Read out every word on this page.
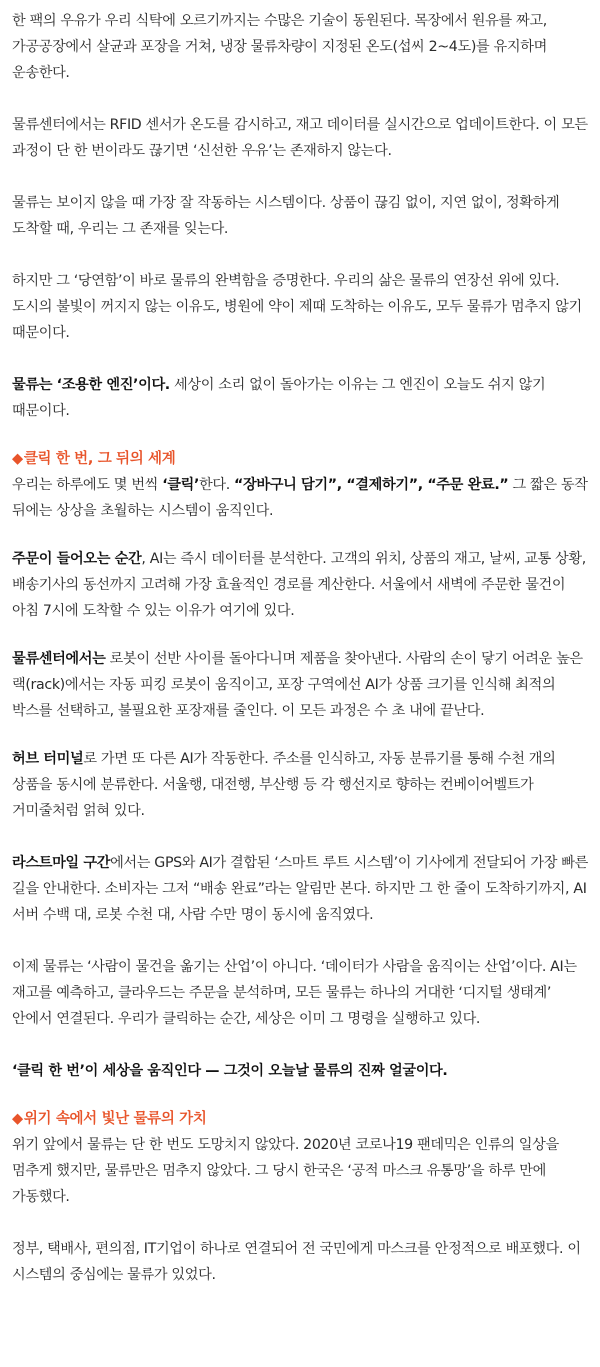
한 팩의 우유가 우리 식탁에 오르기까지는 수많은 기술이 동원된다. 목장에서 원유를 짜고, 가공공장에서 살균과 포장을 거쳐, 냉장 물류차량이 지정된 온도(섭씨 2~4도)를 유지하며 운송한다.

물류센터에서는 RFID 센서가 온도를 감시하고, 재고 데이터를 실시간으로 업데이트한다. 이 모든 과정이 단 한 번이라도 끊기면 ‘신선한 우유’는 존재하지 않는다.

물류는 보이지 않을 때 가장 잘 작동하는 시스템이다. 상품이 끊김 없이, 지연 없이, 정확하게 도착할 때, 우리는 그 존재를 잊는다.

하지만 그 ‘당연함’이 바로 물류의 완벽함을 증명한다. 우리의 삶은 물류의 연장선 위에 있다. 도시의 불빛이 꺼지지 않는 이유도, 병원에 약이 제때 도착하는 이유도, 모두 물류가 멈추지 않기 때문이다.

물류는 ‘조용한 엔진’이다. 세상이 소리 없이 돌아가는 이유는 그 엔진이 오늘도 쉬지 않기 때문이다.

◆클릭 한 번, 그 뒤의 세계

우리는 하루에도 몇 번씩 ‘클릭’한다. “장바구니 담기”, “결제하기”, “주문 완료.” 그 짧은 동작 뒤에는 상상을 초월하는 시스템이 움직인다.

주문이 들어오는 순간, AI는 즉시 데이터를 분석한다. 고객의 위치, 상품의 재고, 날씨, 교통 상황, 배송기사의 동선까지 고려해 가장 효율적인 경로를 계산한다. 서울에서 새벽에 주문한 물건이 아침 7시에 도착할 수 있는 이유가 여기에 있다.

물류센터에서는 로봇이 선반 사이를 돌아다니며 제품을 찾아낸다. 사람의 손이 닿기 어려운 높은 랙(rack)에서는 자동 피킹 로봇이 움직이고, 포장 구역에선 AI가 상품 크기를 인식해 최적의 박스를 선택하고, 불필요한 포장재를 줄인다. 이 모든 과정은 수 초 내에 끝난다.

허브 터미널로 가면 또 다른 AI가 작동한다. 주소를 인식하고, 자동 분류기를 통해 수천 개의 상품을 동시에 분류한다. 서울행, 대전행, 부산행 등 각 행선지로 향하는 컨베이어벨트가 거미줄처럼 얽혀 있다.

라스트마일 구간에서는 GPS와 AI가 결합된 ‘스마트 루트 시스템’이 기사에게 전달되어 가장 빠른 길을 안내한다. 소비자는 그저 “배송 완료”라는 알림만 본다. 하지만 그 한 줄이 도착하기까지, AI 서버 수백 대, 로봇 수천 대, 사람 수만 명이 동시에 움직였다.

이제 물류는 ‘사람이 물건을 옮기는 산업’이 아니다. ‘데이터가 사람을 움직이는 산업’이다. AI는 재고를 예측하고, 클라우드는 주문을 분석하며, 모든 물류는 하나의 거대한 ‘디지털 생태계’ 안에서 연결된다. 우리가 클릭하는 순간, 세상은 이미 그 명령을 실행하고 있다.

‘클릭 한 번’이 세상을 움직인다 — 그것이 오늘날 물류의 진짜 얼굴이다.

◆위기 속에서 빛난 물류의 가치

위기 앞에서 물류는 단 한 번도 도망치지 않았다. 2020년 코로나19 팬데믹은 인류의 일상을 멈추게 했지만, 물류만은 멈추지 않았다. 그 당시 한국은 ‘공적 마스크 유통망’을 하루 만에 가동했다.

정부, 택배사, 편의점, IT기업이 하나로 연결되어 전 국민에게 마스크를 안정적으로 배포했다. 이 시스템의 중심에는 물류가 있었다.
